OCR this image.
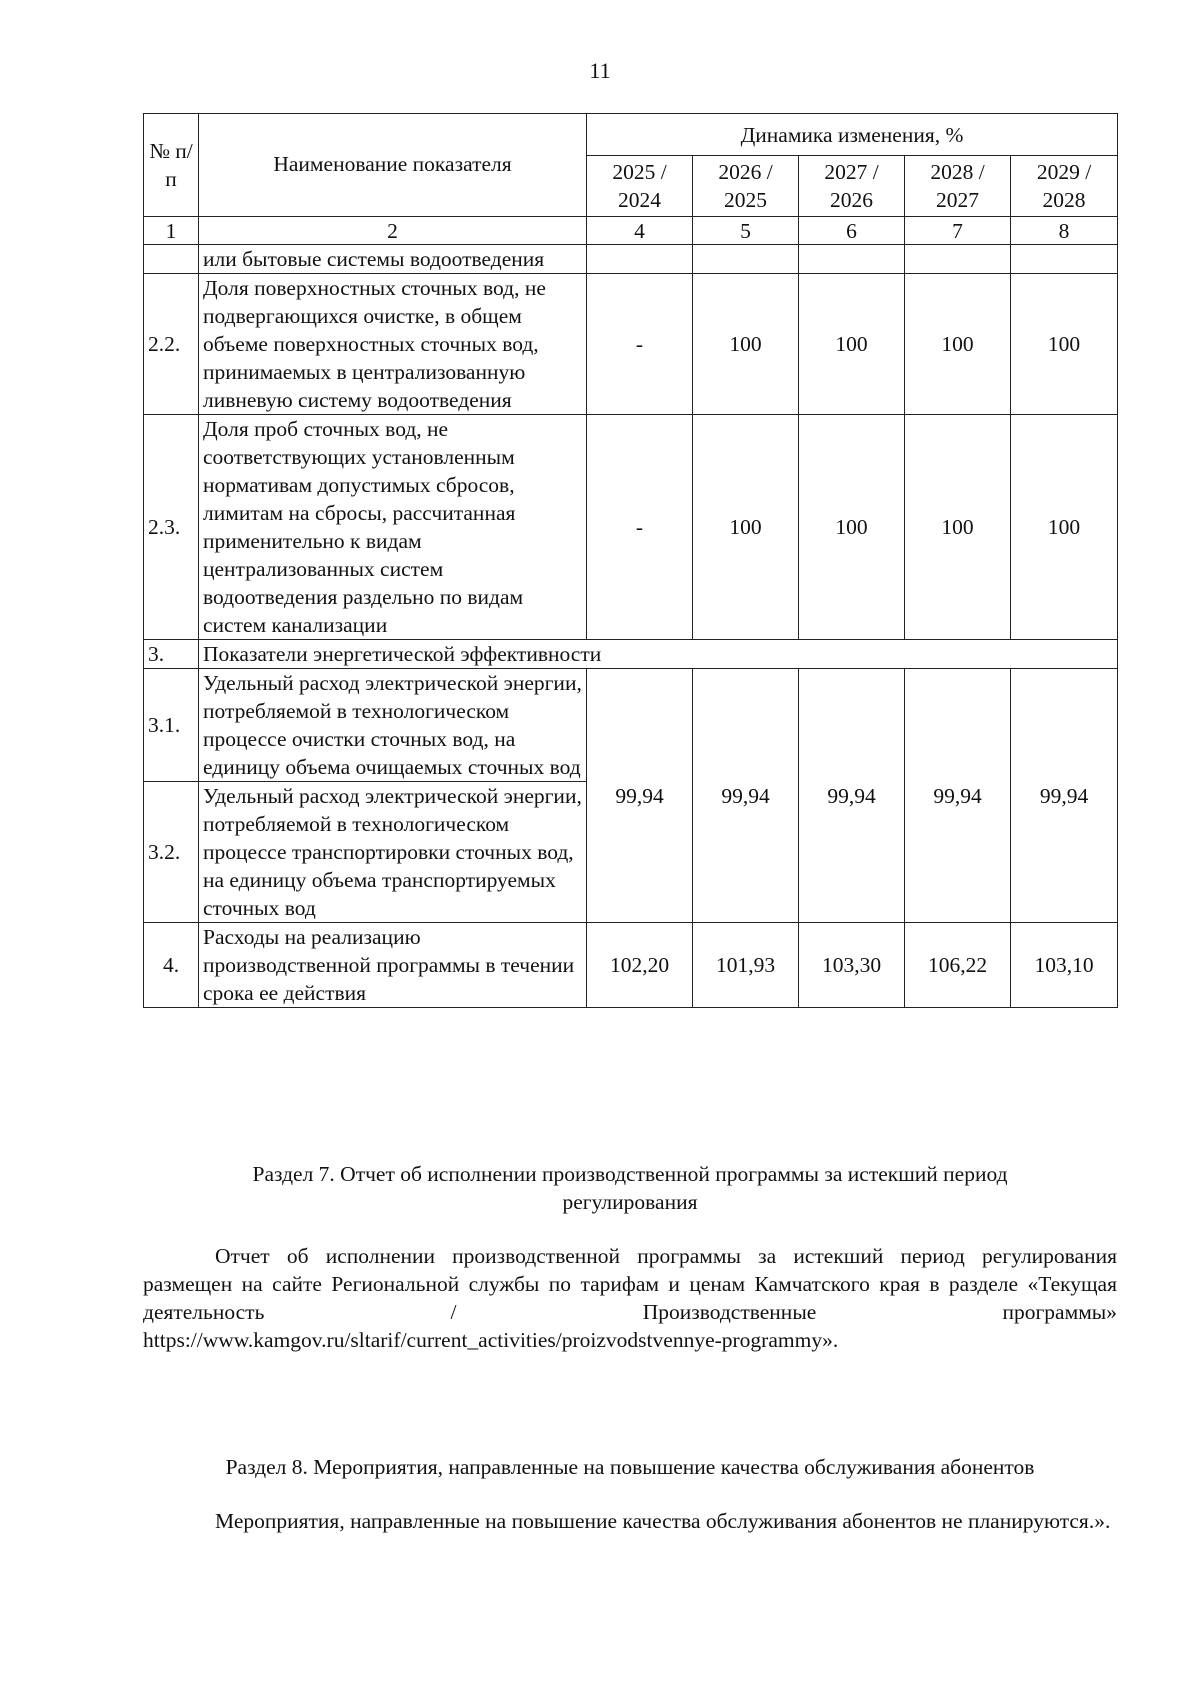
11
№ п/п	Наименование показателя	Динамика изменения, %				
		2025 / 2024	2026 / 2025	2027 / 2026	2028 / 2027	2029 / 2028
1	2	4	5	6	7	8
	или бытовые системы водоотведения					
2.2.	Доля поверхностных сточных вод, не подвергающихся очистке, в общем объеме поверхностных сточных вод, принимаемых в централизованную ливневую систему водоотведения	-	100	100	100	100
2.3.	Доля проб сточных вод, не соответствующих установленным нормативам допустимых сбросов, лимитам на сбросы, рассчитанная применительно к видам централизованных систем водоотведения раздельно по видам систем канализации	-	100	100	100	100
3.	Показатели энергетической эффективности					
3.1.	Удельный расход электрической энергии, потребляемой в технологическом процессе очистки сточных вод, на единицу объема очищаемых сточных вод	99,94	99,94	99,94	99,94	99,94
3.2.	Удельный расход электрической энергии, потребляемой в технологическом процессе транспортировки сточных вод, на единицу объема транспортируемых сточных вод					
4.	Расходы на реализацию производственной программы в течении срока ее действия	102,20	101,93	103,30	106,22	103,10
Раздел 7. Отчет об исполнении производственной программы за истекший период регулирования
Отчет об исполнении производственной программы за истекший период регулирования размещен на сайте Региональной службы по тарифам и ценам Камчатского края в разделе «Текущая деятельность / Производственные программы» https://www.kamgov.ru/sltarif/current_activities/proizvodstvennye-programmy».
Раздел 8. Мероприятия, направленные на повышение качества обслуживания абонентов
Мероприятия, направленные на повышение качества обслуживания абонентов не планируются.».
